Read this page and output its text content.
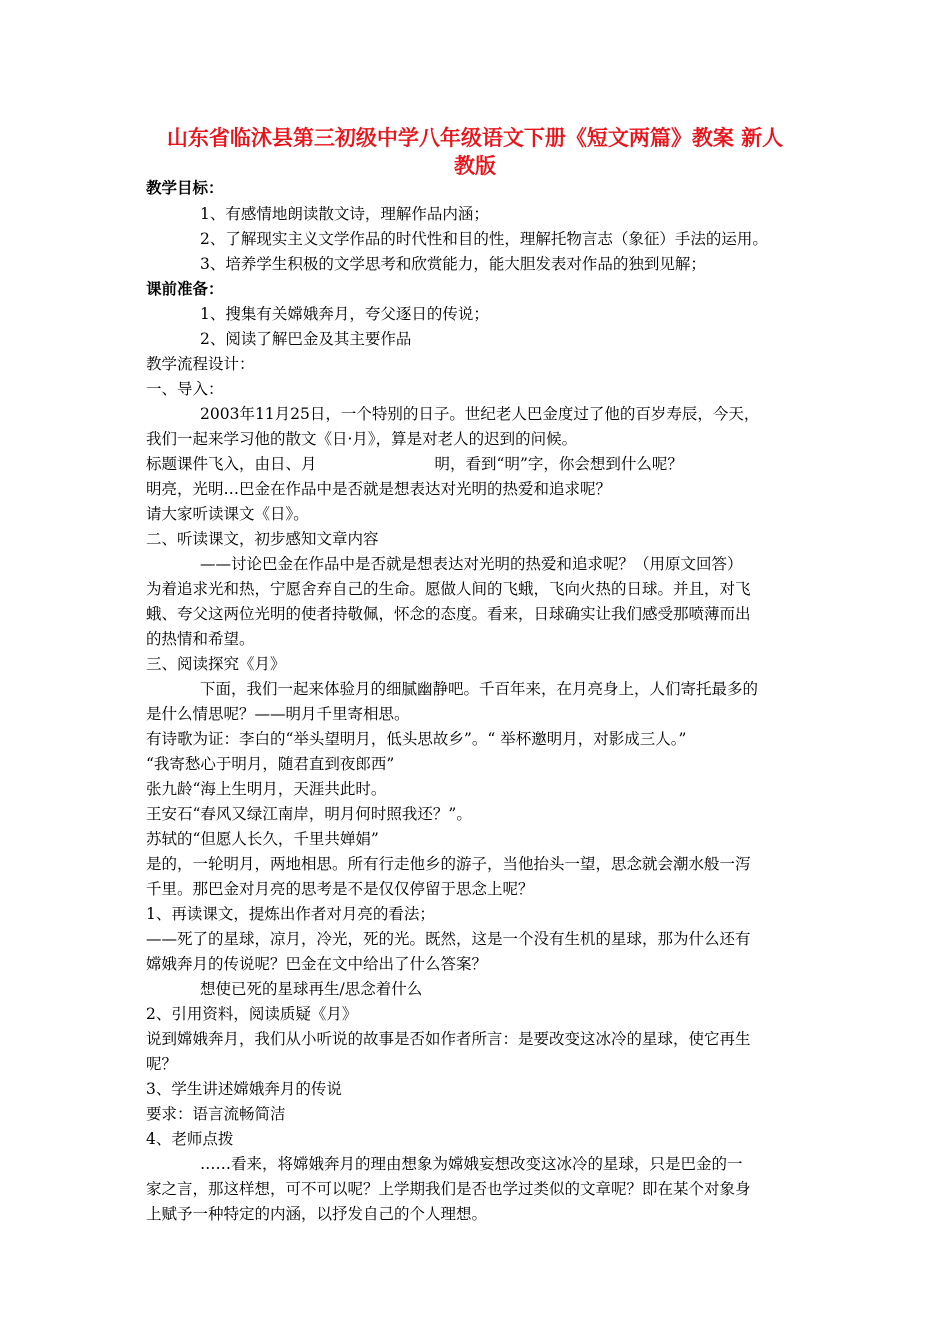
山东省临沭县第三初级中学八年级语文下册《短文两篇》教案 新人
教版
教学目标：
1、有感情地朗读散文诗，理解作品内涵；
2、了解现实主义文学作品的时代性和目的性，理解托物言志（象征）手法的运用。
3、培养学生积极的文学思考和欣赏能力，能大胆发表对作品的独到见解；
课前准备：
1、搜集有关嫦娥奔月，夸父逐日的传说；
2、阅读了解巴金及其主要作品
教学流程设计：
一、导入：
2003年11月25日，一个特别的日子。世纪老人巴金度过了他的百岁寿辰，今天，
我们一起来学习他的散文《日·月》，算是对老人的迟到的问候。
标题课件飞入，由日、月	明，看到“明”字，你会想到什么呢？
明亮，光明…巴金在作品中是否就是想表达对光明的热爱和追求呢？
请大家听读课文《日》。
二、听读课文，初步感知文章内容
——讨论巴金在作品中是否就是想表达对光明的热爱和追求呢？（用原文回答）
为着追求光和热，宁愿舍弃自己的生命。愿做人间的飞蛾，飞向火热的日球。并且，对飞
蛾、夸父这两位光明的使者持敬佩，怀念的态度。看来，日球确实让我们感受那喷薄而出
的热情和希望。
三、阅读探究《月》
下面，我们一起来体验月的细腻幽静吧。千百年来，在月亮身上，人们寄托最多的
是什么情思呢？——明月千里寄相思。
有诗歌为证：李白的“举头望明月，低头思故乡”。“ 举杯邀明月，对影成三人。”
“我寄愁心于明月，随君直到夜郎西”
张九龄“海上生明月，天涯共此时。
王安石“春风又绿江南岸，明月何时照我还？”。
苏轼的“但愿人长久，千里共婵娟”
是的，一轮明月，两地相思。所有行走他乡的游子，当他抬头一望，思念就会潮水般一泻
千里。那巴金对月亮的思考是不是仅仅停留于思念上呢？
1、再读课文，提炼出作者对月亮的看法；
——死了的星球，凉月，冷光，死的光。既然，这是一个没有生机的星球，那为什么还有
嫦娥奔月的传说呢？巴金在文中给出了什么答案？
想使已死的星球再生/思念着什么
2、引用资料，阅读质疑《月》
说到嫦娥奔月，我们从小听说的故事是否如作者所言：是要改变这冰冷的星球，使它再生
呢？
3、学生讲述嫦娥奔月的传说
要求：语言流畅简洁
4、老师点拨
……看来，将嫦娥奔月的理由想象为嫦娥妄想改变这冰冷的星球，只是巴金的一
家之言，那这样想，可不可以呢？上学期我们是否也学过类似的文章呢？即在某个对象身
上赋予一种特定的内涵，以抒发自己的个人理想。
